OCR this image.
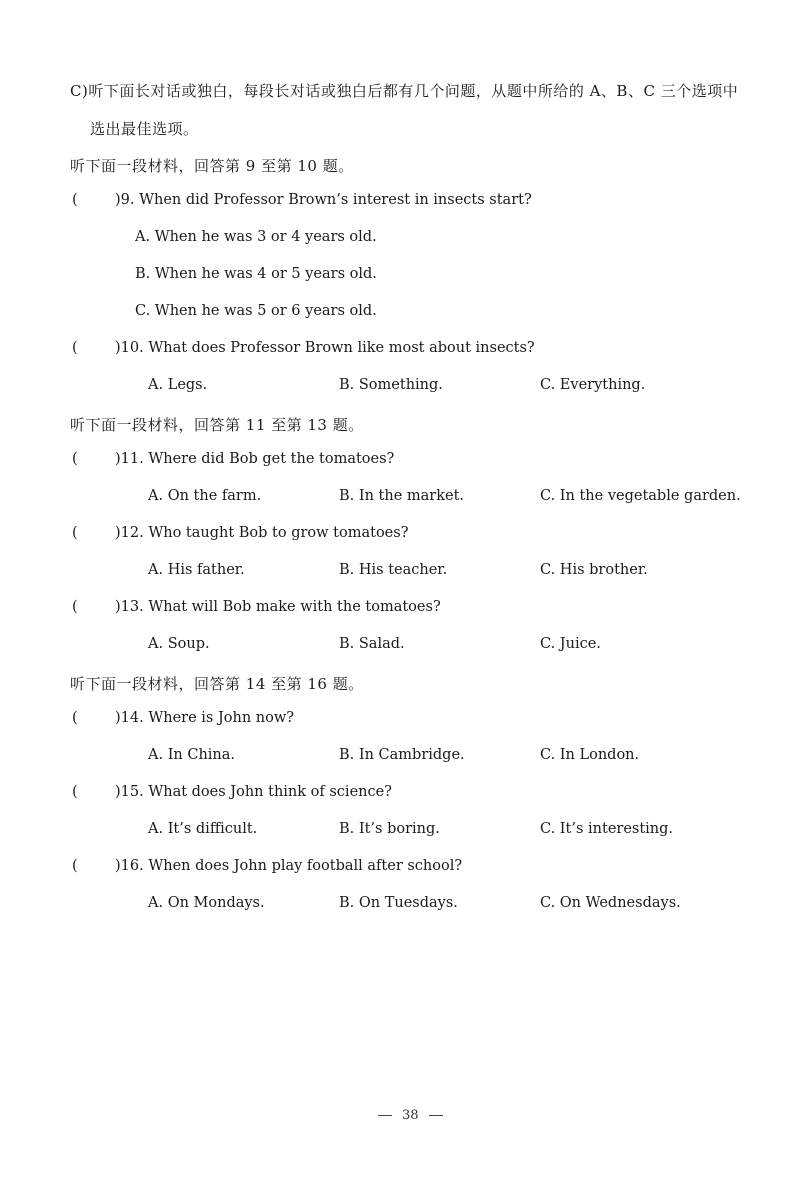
C)听下面长对话或独白，每段长对话或独白后都有几个问题，从题中所给的 A、B、C 三个选项中
选出最佳选项。
听下面一段材料，回答第 9 至第 10 题。
(	)9. When did Professor Brown’s interest in insects start?
A. When he was 3 or 4 years old.
B. When he was 4 or 5 years old.
C. When he was 5 or 6 years old.
(	)10. What does Professor Brown like most about insects?
A. Legs.	B. Something.	C. Everything.
听下面一段材料，回答第 11 至第 13 题。
(	)11. Where did Bob get the tomatoes?
A. On the farm.	B. In the market.	C. In the vegetable garden.
(	)12. Who taught Bob to grow tomatoes?
A. His father.	B. His teacher.	C. His brother.
(	)13. What will Bob make with the tomatoes?
A. Soup.	B. Salad.	C. Juice.
听下面一段材料，回答第 14 至第 16 题。
(	)14. Where is John now?
A. In China.	B. In Cambridge.	C. In London.
(	)15. What does John think of science?
A. It’s difficult.	B. It’s boring.	C. It’s interesting.
(	)16. When does John play football after school?
A. On Mondays.	B. On Tuesdays.	C. On Wednesdays.
38
